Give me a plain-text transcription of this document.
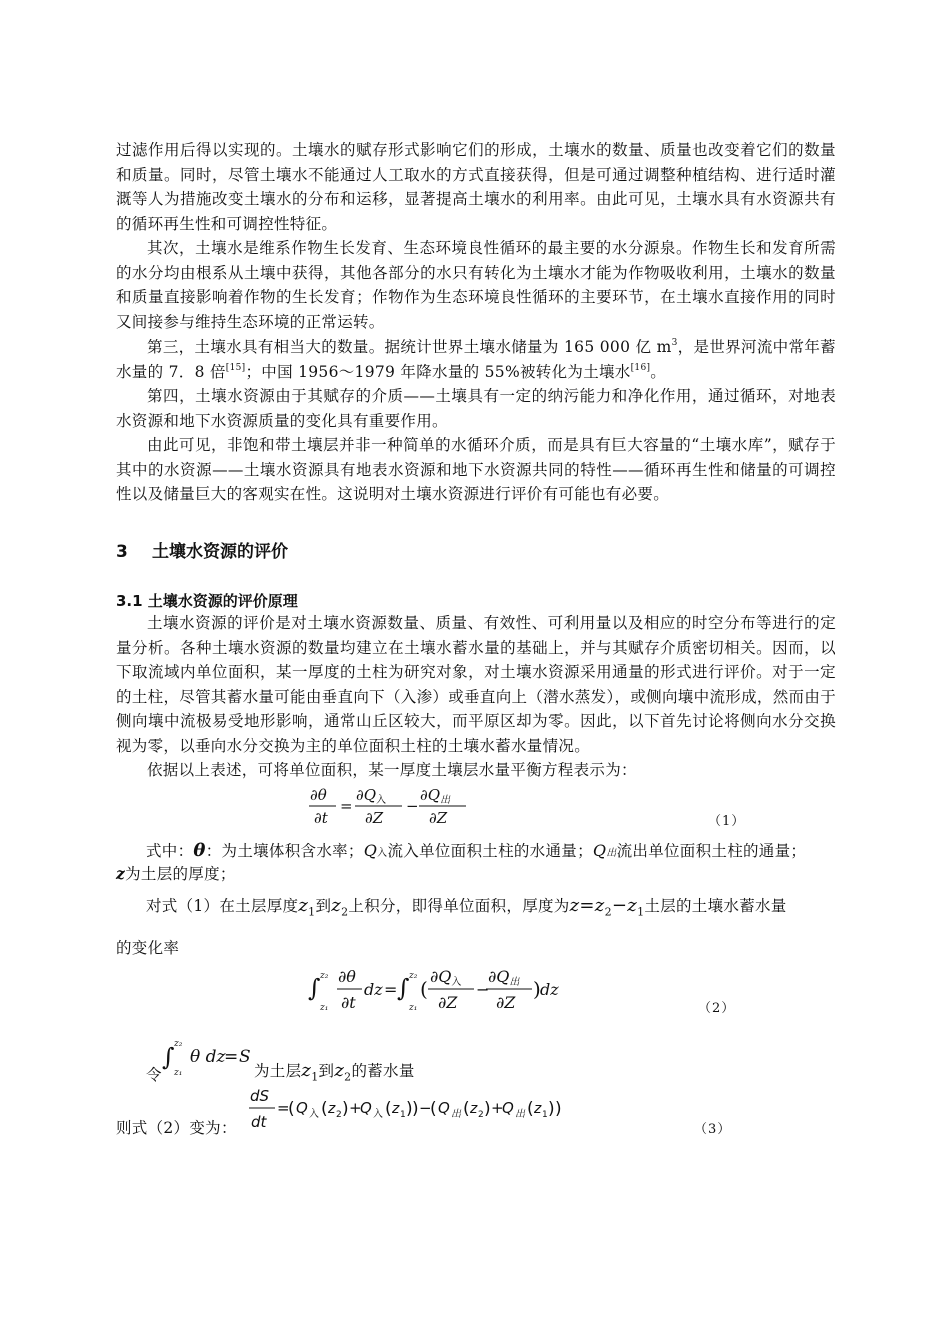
过滤作用后得以实现的。土壤水的赋存形式影响它们的形成，土壤水的数量、质量也改变着它们的数量和质量。同时，尽管土壤水不能通过人工取水的方式直接获得，但是可通过调整种植结构、进行适时灌溉等人为措施改变土壤水的分布和运移，显著提高土壤水的利用率。由此可见，土壤水具有水资源共有的循环再生性和可调控性特征。

其次，土壤水是维系作物生长发育、生态环境良性循环的最主要的水分源泉。作物生长和发育所需的水分均由根系从土壤中获得，其他各部分的水只有转化为土壤水才能为作物吸收利用，土壤水的数量和质量直接影响着作物的生长发育；作物作为生态环境良性循环的主要环节，在土壤水直接作用的同时又间接参与维持生态环境的正常运转。

第三，土壤水具有相当大的数量。据统计世界土壤水储量为 165 000 亿 $m^3$，是世界河流中常年蓄水量的 7．8 倍[15]；中国 1956～1979 年降水量的 55%被转化为土壤水[16]。

第四，土壤水资源由于其赋存的介质——土壤具有一定的纳污能力和净化作用，通过循环，对地表水资源和地下水资源质量的变化具有重要作用。

由此可见，非饱和带土壤层并非一种简单的水循环介质，而是具有巨大容量的“土壤水库”，赋存于其中的水资源——土壤水资源具有地表水资源和地下水资源共同的特性——循环再生性和储量的可调控性以及储量巨大的客观实在性。这说明对土壤水资源进行评价有可能也有必要。

3 土壤水资源的评价
3.1 土壤水资源的评价原理

土壤水资源的评价是对土壤水资源数量、质量、有效性、可利用量以及相应的时空分布等进行的定量分析。各种土壤水资源的数量均建立在土壤水蓄水量的基础上，并与其赋存介质密切相关。因而，以下取流域内单位面积，某一厚度的土柱为研究对象，对土壤水资源采用通量的形式进行评价。对于一定的土柱，尽管其蓄水量可能由垂直向下（入渗）或垂直向上（潜水蒸发），或侧向壤中流形成，然而由于侧向壤中流极易受地形影响，通常山丘区较大，而平原区却为零。因此，以下首先讨论将侧向水分交换视为零，以垂向水分交换为主的单位面积土柱的土壤水蓄水量情况。

依据以上表述，可将单位面积，某一厚度土壤层水量平衡方程表示为：

∂θ
∂t
=
$\partial Q_入$
∂Z
−
$\partial Q_出$
∂Z	（1）
式中：θ：为土壤体积含水率；Q入流入单位面积土柱的水通量；Q出流出单位面积土柱的通量；
z为土层的厚度；
对式（1）在土层厚度$z_1$到$z_2$上积分，即得单位面积，厚度为$z=z_2-z_1$土层的土壤水蓄水量
的变化率
∫ z₂
z₁
∂θ
∂t
dz = ∫ z₂
z₁
(
∂Q入
∂Z
−
∂Q出
∂Z
) dz
（2）
令
∫ z₂
z₁
θ dz
= S
为土层$z_1$到$z_2$的蓄水量
则式（2）变为：
dS
dt
=
( Q 入 ( z 2 ) +
Q 入 ( z 1 ) ) −
( Q 出 ( z 2 ) +
Q 出 ( z 1 ) )
（3）
